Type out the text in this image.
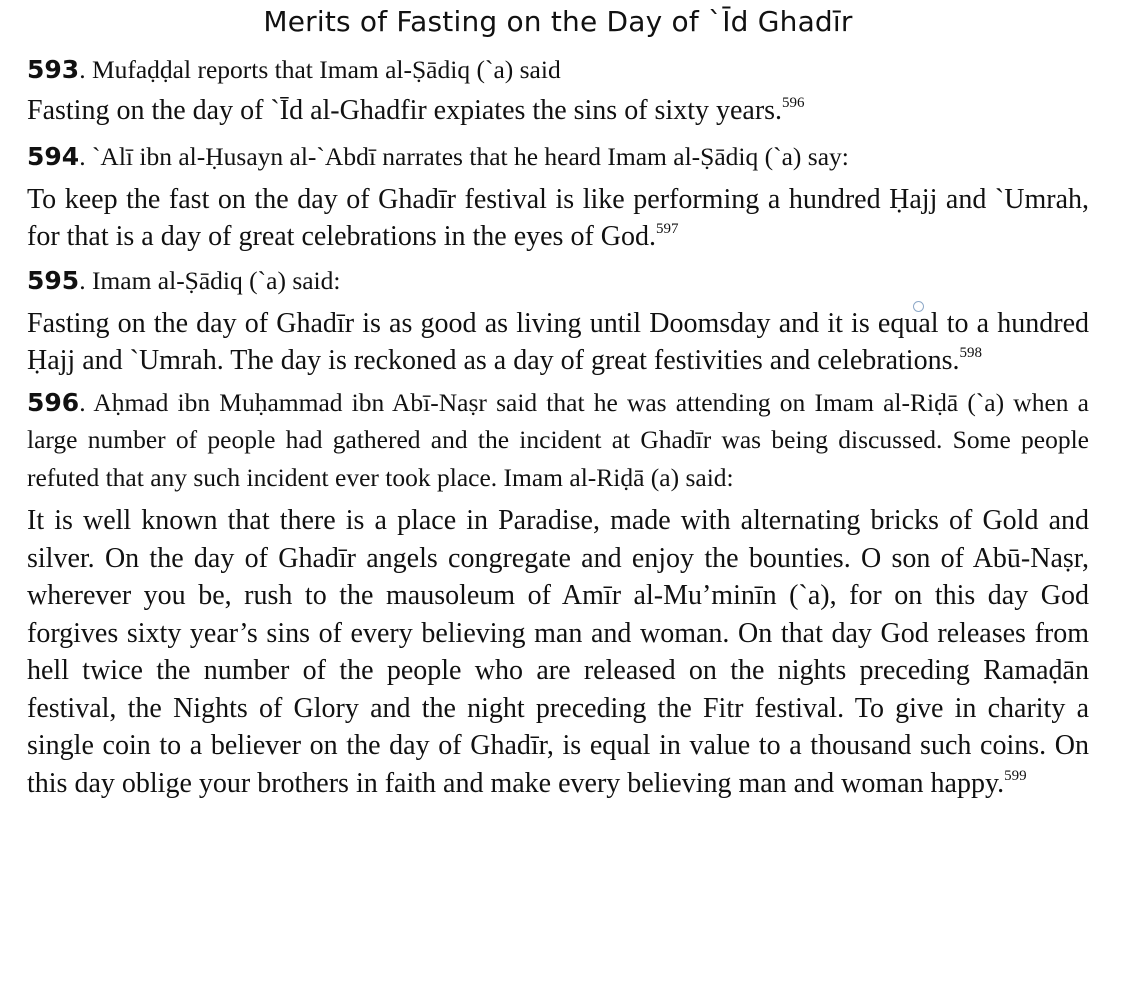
Merits of Fasting on the Day of `Īd Ghadīr

593. Mufaḍḍal reports that Imam al-Ṣādiq (`a) said

Fasting on the day of `Īd al-Ghadfir expiates the sins of sixty years.$^{596}$

594. `Alī ibn al-Ḥusayn al-`Abdī narrates that he heard Imam al-Ṣādiq (`a) say:

To keep the fast on the day of Ghadīr festival is like performing a hundred Ḥajj and `Umrah, for that is a day of great celebrations in the eyes of God.$^{597}$

595. Imam al-Ṣādiq (`a) said:

Fasting on the day of Ghadīr is as good as living until Doomsday and it is equal to a hundred Ḥajj and `Umrah. The day is reckoned as a day of great festivities and celebrations.$^{598}$

596. Aḥmad ibn Muḥammad ibn Abī-Naṣr said that he was attending on Imam al-Riḍā (`a) when a large number of people had gathered and the incident at Ghadīr was being discussed. Some people refuted that any such incident ever took place. Imam al-Riḍā (a) said:

It is well known that there is a place in Paradise, made with alternating bricks of Gold and silver. On the day of Ghadīr angels congregate and enjoy the bounties. O son of Abū-Naṣr, wherever you be, rush to the mausoleum of Amīr al-Mu’minīn (`a), for on this day God forgives sixty year’s sins of every believing man and woman. On that day God releases from hell twice the number of the people who are released on the nights preceding Ramaḍān festival, the Nights of Glory and the night preceding the Fitr festival. To give in charity a single coin to a believer on the day of Ghadīr, is equal in value to a thousand such coins. On this day oblige your brothers in faith and make every believing man and woman happy.$^{599}$
